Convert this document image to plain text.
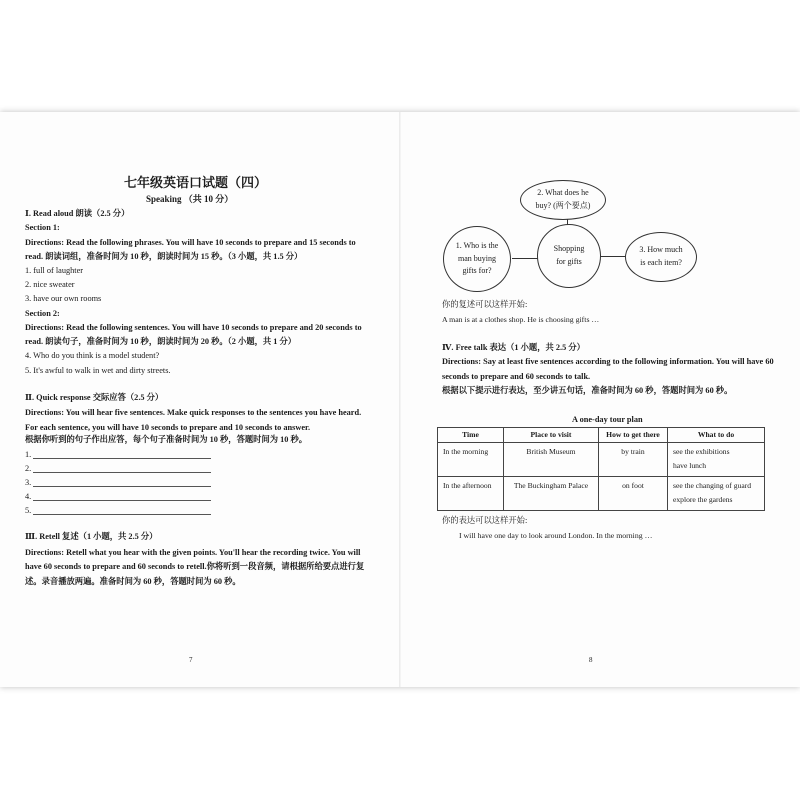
七年级英语口试题（四）
Speaking （共 10 分）
Ⅰ. Read aloud 朗读（2.5 分）
Section 1:
Directions: Read the following phrases. You will have 10 seconds to prepare and 15 seconds to
read. 朗读词组，准备时间为 10 秒，朗读时间为 15 秒。（3 小题，共 1.5 分）
1. full of laughter
2. nice sweater
3. have our own rooms
Section 2:
Directions: Read the following sentences. You will have 10 seconds to prepare and 20 seconds to
read. 朗读句子，准备时间为 10 秒，朗读时间为 20 秒。（2 小题，共 1 分）
4. Who do you think is a model student?
5. It's awful to walk in wet and dirty streets.
Ⅱ. Quick response 交际应答（2.5 分）
Directions: You will hear five sentences. Make quick responses to the sentences you have heard.
For each sentence, you will have 10 seconds to prepare and 10 seconds to answer.
根据你听到的句子作出应答，每个句子准备时间为 10 秒，答题时间为 10 秒。
1.
2.
3.
4.
5.
Ⅲ. Retell 复述（1 小题，共 2.5 分）
Directions: Retell what you hear with the given points. You'll hear the recording twice. You will
have 60 seconds to prepare and 60 seconds to retell.你将听到一段音频，请根据所给要点进行复
述。录音播放两遍。准备时间为 60 秒，答题时间为 60 秒。
7
2. What does he
buy? (两个要点)
1. Who is the
man buying
gifts for?
Shopping
for gifts
3. How much
is each item?
你的复述可以这样开始:
A man is at a clothes shop. He is choosing gifts …
Ⅳ. Free talk 表达（1 小题，共 2.5 分）
Directions: Say at least five sentences according to the following information. You will have 60
seconds to prepare and 60 seconds to talk.
根据以下提示进行表达，至少讲五句话，准备时间为 60 秒，答题时间为 60 秒。
A one-day tour plan
Time	Place to visit	How to get there	What to do
In the morning	British Museum	by train	see the exhibitions
have lunch
In the afternoon	The Buckingham Palace	on foot	see the changing of guard
explore the gardens
你的表达可以这样开始:
I will have one day to look around London. In the morning …
8
